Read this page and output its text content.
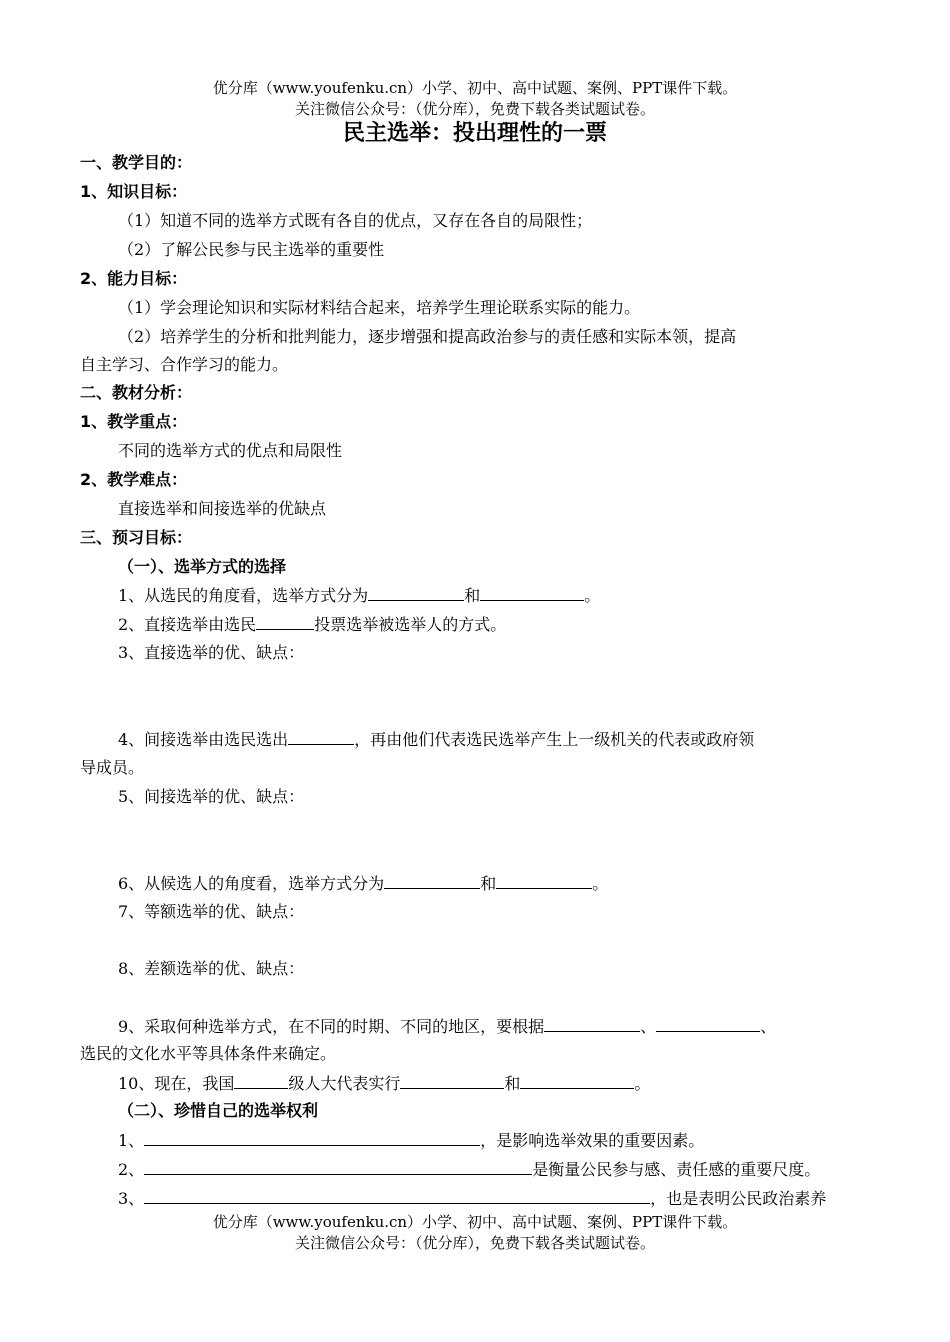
优分库（www.youfenku.cn）小学、初中、高中试题、案例、PPT课件下载。
关注微信公众号：（优分库），免费下载各类试题试卷。
民主选举：投出理性的一票
一、教学目的：
1、知识目标：
（1）知道不同的选举方式既有各自的优点，又存在各自的局限性；
（2）了解公民参与民主选举的重要性
2、能力目标：
（1）学会理论知识和实际材料结合起来，培养学生理论联系实际的能力。
（2）培养学生的分析和批判能力，逐步增强和提高政治参与的责任感和实际本领，提高
自主学习、合作学习的能力。
二、教材分析：
1、教学重点：
不同的选举方式的优点和局限性
2、教学难点：
直接选举和间接选举的优缺点
三、预习目标：
（一）、选举方式的选择
1、从选民的角度看，选举方式分为	和	。
2、直接选举由选民	投票选举被选举人的方式。
3、直接选举的优、缺点：
4、间接选举由选民选出	，再由他们代表选民选举产生上一级机关的代表或政府领
导成员。
5、间接选举的优、缺点：
6、从候选人的角度看，选举方式分为	和	。
7、等额选举的优、缺点：
8、差额选举的优、缺点：
9、采取何种选举方式，在不同的时期、不同的地区，要根据	、	、
选民的文化水平等具体条件来确定。
10、现在，我国	级人大代表实行	和	。
（二）、珍惜自己的选举权利
1、	，是影响选举效果的重要因素。
2、	是衡量公民参与感、责任感的重要尺度。
3、	，也是表明公民政治素养
优分库（www.youfenku.cn）小学、初中、高中试题、案例、PPT课件下载。
关注微信公众号：（优分库），免费下载各类试题试卷。
